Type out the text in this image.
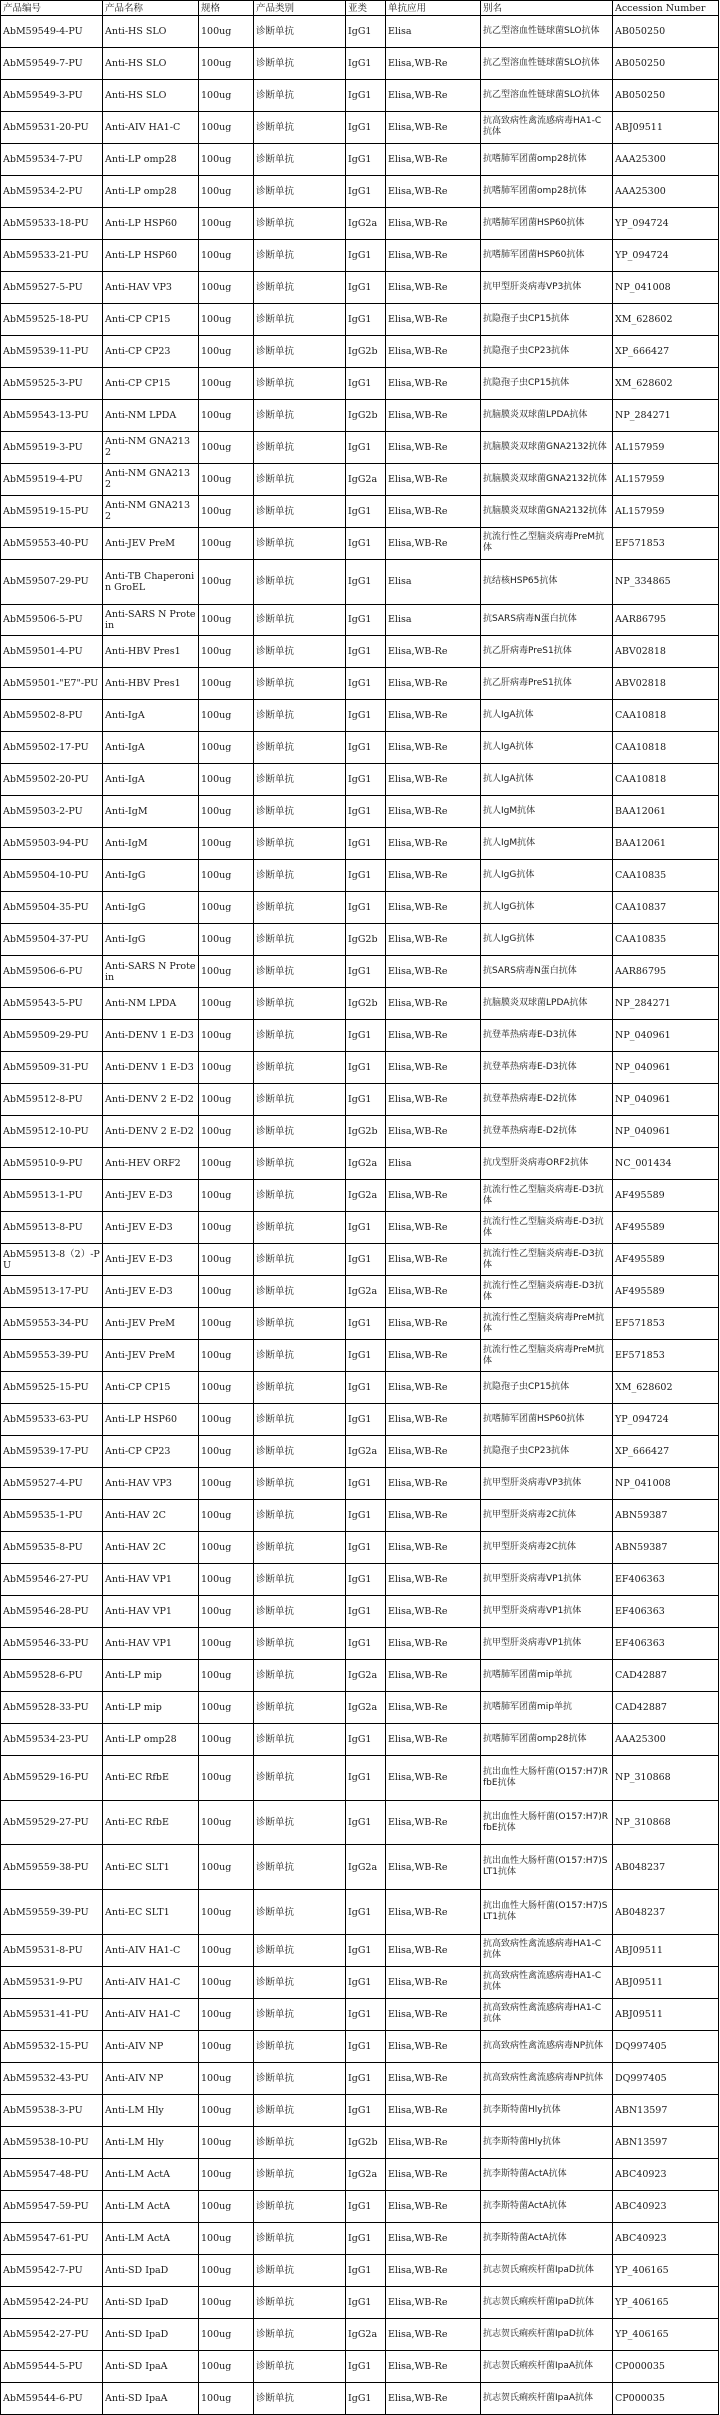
产品编号	产品名称	规格	产品类别	亚类	单抗应用	别名	Accession Number
AbM59549-4-PU	Anti-HS SLO	100ug	诊断单抗	IgG1	Elisa	抗乙型溶血性链球菌SLO抗体	AB050250
AbM59549-7-PU	Anti-HS SLO	100ug	诊断单抗	IgG1	Elisa,WB-Re	抗乙型溶血性链球菌SLO抗体	AB050250
AbM59549-3-PU	Anti-HS SLO	100ug	诊断单抗	IgG1	Elisa,WB-Re	抗乙型溶血性链球菌SLO抗体	AB050250
AbM59531-20-PU	Anti-AIV HA1-C	100ug	诊断单抗	IgG1	Elisa,WB-Re	抗高致病性禽流感病毒HA1-C抗体	ABJ09511
AbM59534-7-PU	Anti-LP omp28	100ug	诊断单抗	IgG1	Elisa,WB-Re	抗嗜肺军团菌omp28抗体	AAA25300
AbM59534-2-PU	Anti-LP omp28	100ug	诊断单抗	IgG1	Elisa,WB-Re	抗嗜肺军团菌omp28抗体	AAA25300
AbM59533-18-PU	Anti-LP HSP60	100ug	诊断单抗	IgG2a	Elisa,WB-Re	抗嗜肺军团菌HSP60抗体	YP_094724
AbM59533-21-PU	Anti-LP HSP60	100ug	诊断单抗	IgG1	Elisa,WB-Re	抗嗜肺军团菌HSP60抗体	YP_094724
AbM59527-5-PU	Anti-HAV VP3	100ug	诊断单抗	IgG1	Elisa,WB-Re	抗甲型肝炎病毒VP3抗体	NP_041008
AbM59525-18-PU	Anti-CP CP15	100ug	诊断单抗	IgG1	Elisa,WB-Re	抗隐孢子虫CP15抗体	XM_628602
AbM59539-11-PU	Anti-CP CP23	100ug	诊断单抗	IgG2b	Elisa,WB-Re	抗隐孢子虫CP23抗体	XP_666427
AbM59525-3-PU	Anti-CP CP15	100ug	诊断单抗	IgG1	Elisa,WB-Re	抗隐孢子虫CP15抗体	XM_628602
AbM59543-13-PU	Anti-NM LPDA	100ug	诊断单抗	IgG2b	Elisa,WB-Re	抗脑膜炎双球菌LPDA抗体	NP_284271
AbM59519-3-PU	Anti-NM GNA2132	100ug	诊断单抗	IgG1	Elisa,WB-Re	抗脑膜炎双球菌GNA2132抗体	AL157959
AbM59519-4-PU	Anti-NM GNA2132	100ug	诊断单抗	IgG2a	Elisa,WB-Re	抗脑膜炎双球菌GNA2132抗体	AL157959
AbM59519-15-PU	Anti-NM GNA2132	100ug	诊断单抗	IgG1	Elisa,WB-Re	抗脑膜炎双球菌GNA2132抗体	AL157959
AbM59553-40-PU	Anti-JEV PreM	100ug	诊断单抗	IgG1	Elisa,WB-Re	抗流行性乙型脑炎病毒PreM抗体	EF571853
AbM59507-29-PU	Anti-TB Chaperonin GroEL	100ug	诊断单抗	IgG1	Elisa	抗结核HSP65抗体	NP_334865
AbM59506-5-PU	Anti-SARS N Protein	100ug	诊断单抗	IgG1	Elisa	抗SARS病毒N蛋白抗体	AAR86795
AbM59501-4-PU	Anti-HBV Pres1	100ug	诊断单抗	IgG1	Elisa,WB-Re	抗乙肝病毒PreS1抗体	ABV02818
AbM59501-"E7"-PU	Anti-HBV Pres1	100ug	诊断单抗	IgG1	Elisa,WB-Re	抗乙肝病毒PreS1抗体	ABV02818
AbM59502-8-PU	Anti-IgA	100ug	诊断单抗	IgG1	Elisa,WB-Re	抗人IgA抗体	CAA10818
AbM59502-17-PU	Anti-IgA	100ug	诊断单抗	IgG1	Elisa,WB-Re	抗人IgA抗体	CAA10818
AbM59502-20-PU	Anti-IgA	100ug	诊断单抗	IgG1	Elisa,WB-Re	抗人IgA抗体	CAA10818
AbM59503-2-PU	Anti-IgM	100ug	诊断单抗	IgG1	Elisa,WB-Re	抗人IgM抗体	BAA12061
AbM59503-94-PU	Anti-IgM	100ug	诊断单抗	IgG1	Elisa,WB-Re	抗人IgM抗体	BAA12061
AbM59504-10-PU	Anti-IgG	100ug	诊断单抗	IgG1	Elisa,WB-Re	抗人IgG抗体	CAA10835
AbM59504-35-PU	Anti-IgG	100ug	诊断单抗	IgG1	Elisa,WB-Re	抗人IgG抗体	CAA10837
AbM59504-37-PU	Anti-IgG	100ug	诊断单抗	IgG2b	Elisa,WB-Re	抗人IgG抗体	CAA10835
AbM59506-6-PU	Anti-SARS N Protein	100ug	诊断单抗	IgG1	Elisa,WB-Re	抗SARS病毒N蛋白抗体	AAR86795
AbM59543-5-PU	Anti-NM LPDA	100ug	诊断单抗	IgG2b	Elisa,WB-Re	抗脑膜炎双球菌LPDA抗体	NP_284271
AbM59509-29-PU	Anti-DENV 1 E-D3	100ug	诊断单抗	IgG1	Elisa,WB-Re	抗登革热病毒E-D3抗体	NP_040961
AbM59509-31-PU	Anti-DENV 1 E-D3	100ug	诊断单抗	IgG1	Elisa,WB-Re	抗登革热病毒E-D3抗体	NP_040961
AbM59512-8-PU	Anti-DENV 2 E-D2	100ug	诊断单抗	IgG1	Elisa,WB-Re	抗登革热病毒E-D2抗体	NP_040961
AbM59512-10-PU	Anti-DENV 2 E-D2	100ug	诊断单抗	IgG2b	Elisa,WB-Re	抗登革热病毒E-D2抗体	NP_040961
AbM59510-9-PU	Anti-HEV ORF2	100ug	诊断单抗	IgG2a	Elisa	抗戊型肝炎病毒ORF2抗体	NC_001434
AbM59513-1-PU	Anti-JEV E-D3	100ug	诊断单抗	IgG2a	Elisa,WB-Re	抗流行性乙型脑炎病毒E-D3抗体	AF495589
AbM59513-8-PU	Anti-JEV E-D3	100ug	诊断单抗	IgG1	Elisa,WB-Re	抗流行性乙型脑炎病毒E-D3抗体	AF495589
AbM59513-8（2）-PU	Anti-JEV E-D3	100ug	诊断单抗	IgG1	Elisa,WB-Re	抗流行性乙型脑炎病毒E-D3抗体	AF495589
AbM59513-17-PU	Anti-JEV E-D3	100ug	诊断单抗	IgG2a	Elisa,WB-Re	抗流行性乙型脑炎病毒E-D3抗体	AF495589
AbM59553-34-PU	Anti-JEV PreM	100ug	诊断单抗	IgG1	Elisa,WB-Re	抗流行性乙型脑炎病毒PreM抗体	EF571853
AbM59553-39-PU	Anti-JEV PreM	100ug	诊断单抗	IgG1	Elisa,WB-Re	抗流行性乙型脑炎病毒PreM抗体	EF571853
AbM59525-15-PU	Anti-CP CP15	100ug	诊断单抗	IgG1	Elisa,WB-Re	抗隐孢子虫CP15抗体	XM_628602
AbM59533-63-PU	Anti-LP HSP60	100ug	诊断单抗	IgG1	Elisa,WB-Re	抗嗜肺军团菌HSP60抗体	YP_094724
AbM59539-17-PU	Anti-CP CP23	100ug	诊断单抗	IgG2a	Elisa,WB-Re	抗隐孢子虫CP23抗体	XP_666427
AbM59527-4-PU	Anti-HAV VP3	100ug	诊断单抗	IgG1	Elisa,WB-Re	抗甲型肝炎病毒VP3抗体	NP_041008
AbM59535-1-PU	Anti-HAV 2C	100ug	诊断单抗	IgG1	Elisa,WB-Re	抗甲型肝炎病毒2C抗体	ABN59387
AbM59535-8-PU	Anti-HAV 2C	100ug	诊断单抗	IgG1	Elisa,WB-Re	抗甲型肝炎病毒2C抗体	ABN59387
AbM59546-27-PU	Anti-HAV VP1	100ug	诊断单抗	IgG1	Elisa,WB-Re	抗甲型肝炎病毒VP1抗体	EF406363
AbM59546-28-PU	Anti-HAV VP1	100ug	诊断单抗	IgG1	Elisa,WB-Re	抗甲型肝炎病毒VP1抗体	EF406363
AbM59546-33-PU	Anti-HAV VP1	100ug	诊断单抗	IgG1	Elisa,WB-Re	抗甲型肝炎病毒VP1抗体	EF406363
AbM59528-6-PU	Anti-LP mip	100ug	诊断单抗	IgG2a	Elisa,WB-Re	抗嗜肺军团菌mip单抗	CAD42887
AbM59528-33-PU	Anti-LP mip	100ug	诊断单抗	IgG2a	Elisa,WB-Re	抗嗜肺军团菌mip单抗	CAD42887
AbM59534-23-PU	Anti-LP omp28	100ug	诊断单抗	IgG1	Elisa,WB-Re	抗嗜肺军团菌omp28抗体	AAA25300
AbM59529-16-PU	Anti-EC RfbE	100ug	诊断单抗	IgG1	Elisa,WB-Re	抗出血性大肠杆菌(O157:H7)RfbE抗体	NP_310868
AbM59529-27-PU	Anti-EC RfbE	100ug	诊断单抗	IgG1	Elisa,WB-Re	抗出血性大肠杆菌(O157:H7)RfbE抗体	NP_310868
AbM59559-38-PU	Anti-EC SLT1	100ug	诊断单抗	IgG2a	Elisa,WB-Re	抗出血性大肠杆菌(O157:H7)SLT1抗体	AB048237
AbM59559-39-PU	Anti-EC SLT1	100ug	诊断单抗	IgG1	Elisa,WB-Re	抗出血性大肠杆菌(O157:H7)SLT1抗体	AB048237
AbM59531-8-PU	Anti-AIV HA1-C	100ug	诊断单抗	IgG1	Elisa,WB-Re	抗高致病性禽流感病毒HA1-C抗体	ABJ09511
AbM59531-9-PU	Anti-AIV HA1-C	100ug	诊断单抗	IgG1	Elisa,WB-Re	抗高致病性禽流感病毒HA1-C抗体	ABJ09511
AbM59531-41-PU	Anti-AIV HA1-C	100ug	诊断单抗	IgG1	Elisa,WB-Re	抗高致病性禽流感病毒HA1-C抗体	ABJ09511
AbM59532-15-PU	Anti-AIV NP	100ug	诊断单抗	IgG1	Elisa,WB-Re	抗高致病性禽流感病毒NP抗体	DQ997405
AbM59532-43-PU	Anti-AIV NP	100ug	诊断单抗	IgG1	Elisa,WB-Re	抗高致病性禽流感病毒NP抗体	DQ997405
AbM59538-3-PU	Anti-LM Hly	100ug	诊断单抗	IgG1	Elisa,WB-Re	抗李斯特菌Hly抗体	ABN13597
AbM59538-10-PU	Anti-LM Hly	100ug	诊断单抗	IgG2b	Elisa,WB-Re	抗李斯特菌Hly抗体	ABN13597
AbM59547-48-PU	Anti-LM ActA	100ug	诊断单抗	IgG2a	Elisa,WB-Re	抗李斯特菌ActA抗体	ABC40923
AbM59547-59-PU	Anti-LM ActA	100ug	诊断单抗	IgG1	Elisa,WB-Re	抗李斯特菌ActA抗体	ABC40923
AbM59547-61-PU	Anti-LM ActA	100ug	诊断单抗	IgG1	Elisa,WB-Re	抗李斯特菌ActA抗体	ABC40923
AbM59542-7-PU	Anti-SD IpaD	100ug	诊断单抗	IgG1	Elisa,WB-Re	抗志贺氏痢疾杆菌IpaD抗体	YP_406165
AbM59542-24-PU	Anti-SD IpaD	100ug	诊断单抗	IgG1	Elisa,WB-Re	抗志贺氏痢疾杆菌IpaD抗体	YP_406165
AbM59542-27-PU	Anti-SD IpaD	100ug	诊断单抗	IgG2a	Elisa,WB-Re	抗志贺氏痢疾杆菌IpaD抗体	YP_406165
AbM59544-5-PU	Anti-SD IpaA	100ug	诊断单抗	IgG1	Elisa,WB-Re	抗志贺氏痢疾杆菌IpaA抗体	CP000035
AbM59544-6-PU	Anti-SD IpaA	100ug	诊断单抗	IgG1	Elisa,WB-Re	抗志贺氏痢疾杆菌IpaA抗体	CP000035
